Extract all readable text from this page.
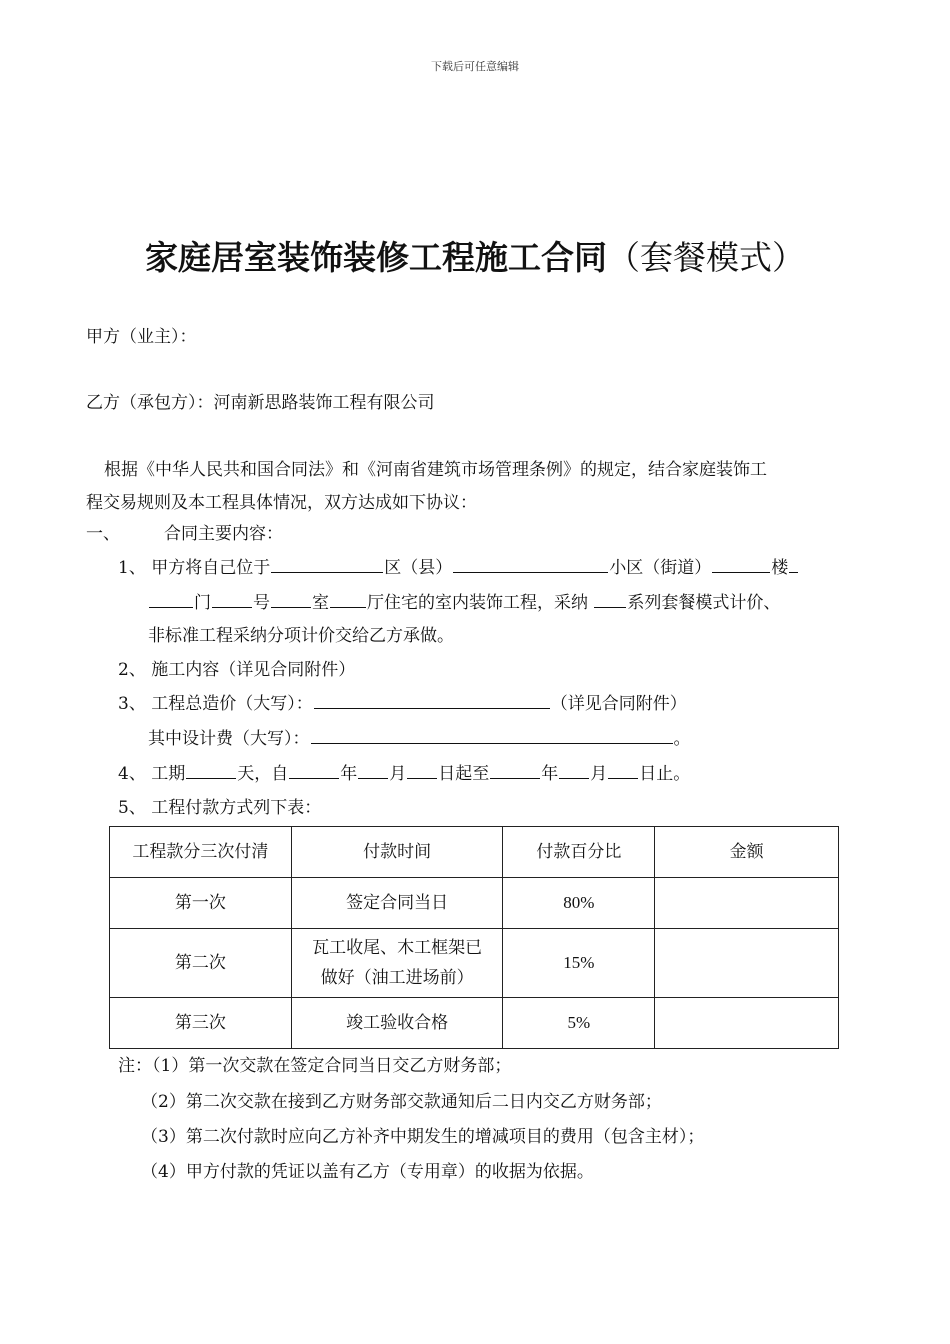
下载后可任意编辑
家庭居室装饰装修工程施工合同（套餐模式）
甲方（业主）：
乙方（承包方）：河南新思路装饰工程有限公司
根据《中华人民共和国合同法》和《河南省建筑市场管理条例》的规定，结合家庭装饰工
程交易规则及本工程具体情况，双方达成如下协议：
一、	合同主要内容：
1、 甲方将自己位于	区（县）	小区（街道）	楼
门 号 室 厅住宅的室内装饰工程，采纳 系列套餐模式计价、
非标准工程采纳分项计价交给乙方承做。
2、 施工内容（详见合同附件）
3、 工程总造价（大写）：	（详见合同附件）
其中设计费（大写）：	。
4、 工期	天，自	年 月 日起至	年 月 日止。
5、 工程付款方式列下表：
工程款分三次付清	付款时间	付款百分比	金额
第一次	签定合同当日	80%	
第二次	瓦工收尾、木工框架已
做好（油工进场前）	15%	
第三次	竣工验收合格	5%	
注：（1）第一次交款在签定合同当日交乙方财务部；
（2）第二次交款在接到乙方财务部交款通知后二日内交乙方财务部；
（3）第二次付款时应向乙方补齐中期发生的增减项目的费用（包含主材）；
（4）甲方付款的凭证以盖有乙方（专用章）的收据为依据。
